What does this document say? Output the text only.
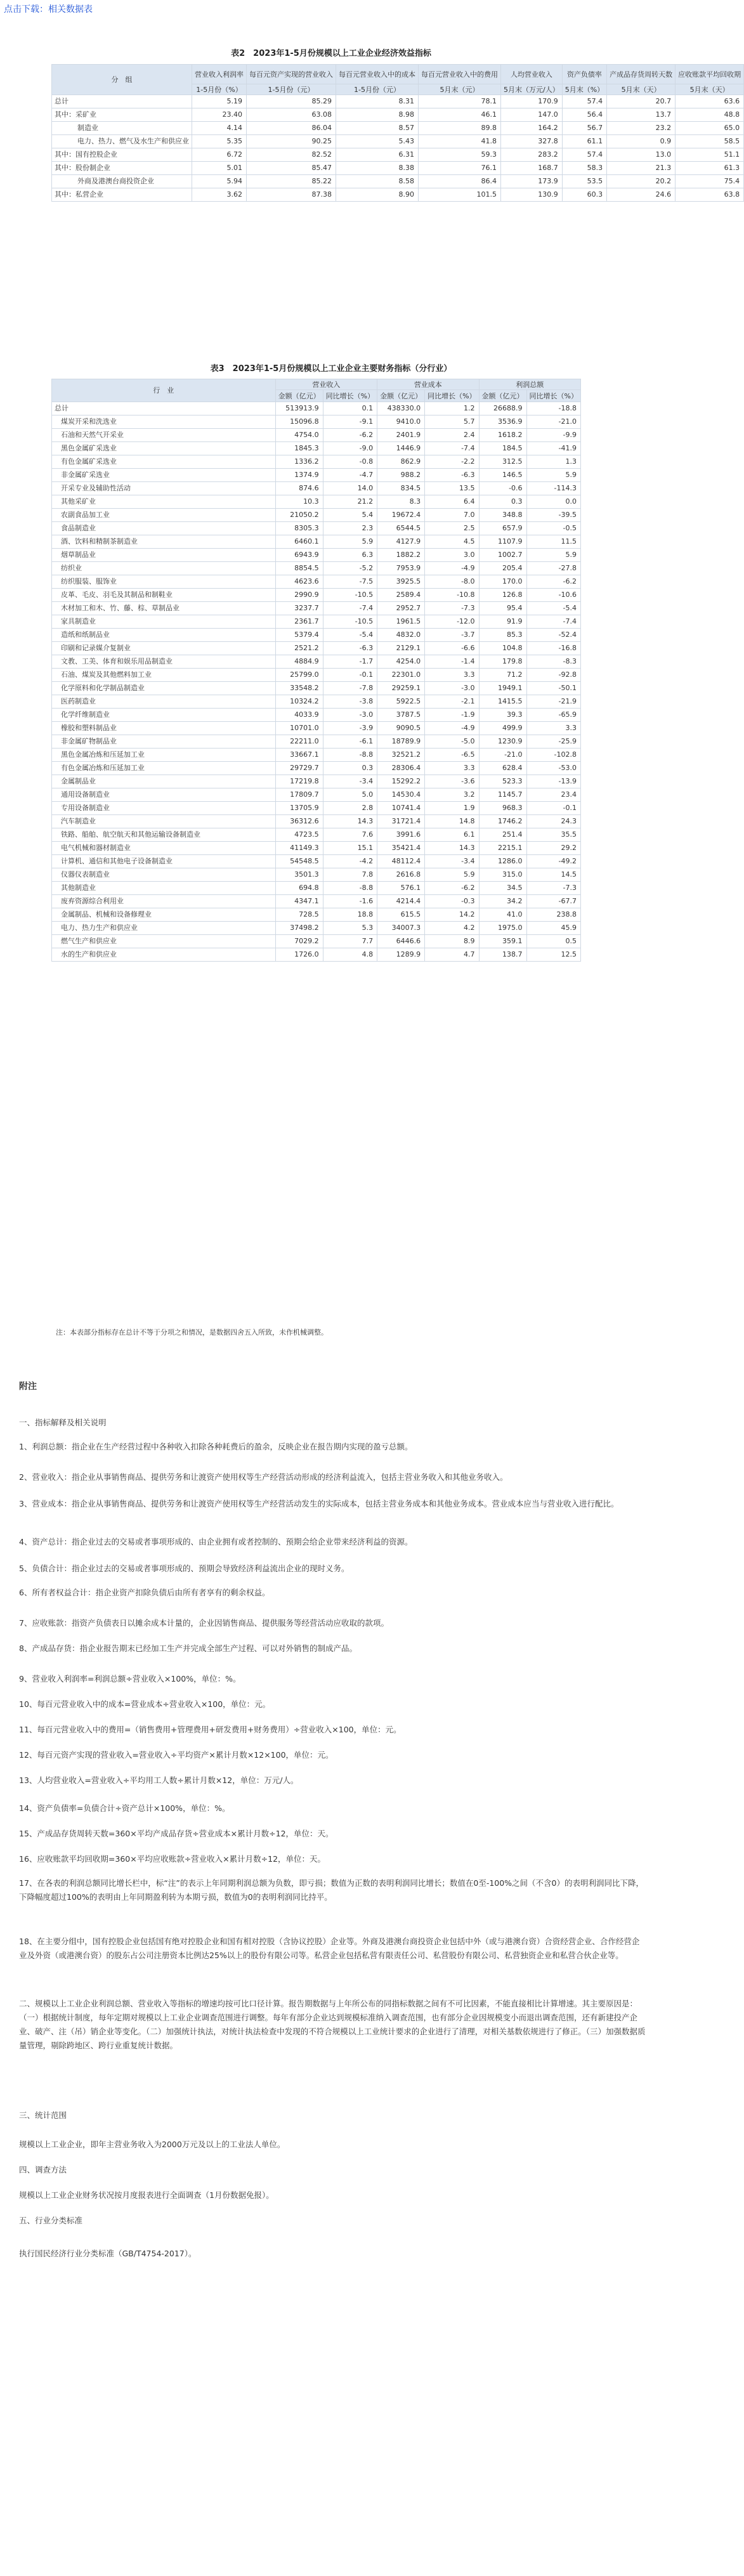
点击下载：相关数据表
表2　2023年1-5月份规模以上工业企业经济效益指标
分　组	营业收入利润率	每百元资产实现的营业收入	每百元营业收入中的成本	每百元营业收入中的费用	人均营业收入	资产负债率	产成品存货周转天数	应收账款平均回收期
	1-5月份（%）	1-5月份（元）	1-5月份（元）	5月末（元）	5月末（万元/人）	5月末（%）	5月末（天）	5月末（天）
总计	5.19	85.29	8.31	78.1	170.9	57.4	20.7	63.6
其中：采矿业	23.40	63.08	8.98	46.1	147.0	56.4	13.7	48.8
制造业	4.14	86.04	8.57	89.8	164.2	56.7	23.2	65.0
电力、热力、燃气及水生产和供应业	5.35	90.25	5.43	41.8	327.8	61.1	0.9	58.5
其中：国有控股企业	6.72	82.52	6.31	59.3	283.2	57.4	13.0	51.1
其中：股份制企业	5.01	85.47	8.38	76.1	168.7	58.3	21.3	61.3
外商及港澳台商投资企业	5.94	85.22	8.58	86.4	173.9	53.5	20.2	75.4
其中：私营企业	3.62	87.38	8.90	101.5	130.9	60.3	24.6	63.8
表3　2023年1-5月份规模以上工业企业主要财务指标（分行业）
行　业	营业收入		营业成本		利润总额	
	金额（亿元）	同比增长（%）	金额（亿元）	同比增长（%）	金额（亿元）	同比增长（%）
总计	513913.9	0.1	438330.0	1.2	26688.9	-18.8
煤炭开采和洗选业	15096.8	-9.1	9410.0	5.7	3536.9	-21.0
石油和天然气开采业	4754.0	-6.2	2401.9	2.4	1618.2	-9.9
黑色金属矿采选业	1845.3	-9.0	1446.9	-7.4	184.5	-41.9
有色金属矿采选业	1336.2	-0.8	862.9	-2.2	312.5	1.3
非金属矿采选业	1374.9	-4.7	988.2	-6.3	146.5	5.9
开采专业及辅助性活动	874.6	14.0	834.5	13.5	-0.6	-114.3
其他采矿业	10.3	21.2	8.3	6.4	0.3	0.0
农副食品加工业	21050.2	5.4	19672.4	7.0	348.8	-39.5
食品制造业	8305.3	2.3	6544.5	2.5	657.9	-0.5
酒、饮料和精制茶制造业	6460.1	5.9	4127.9	4.5	1107.9	11.5
烟草制品业	6943.9	6.3	1882.2	3.0	1002.7	5.9
纺织业	8854.5	-5.2	7953.9	-4.9	205.4	-27.8
纺织服装、服饰业	4623.6	-7.5	3925.5	-8.0	170.0	-6.2
皮革、毛皮、羽毛及其制品和制鞋业	2990.9	-10.5	2589.4	-10.8	126.8	-10.6
木材加工和木、竹、藤、棕、草制品业	3237.7	-7.4	2952.7	-7.3	95.4	-5.4
家具制造业	2361.7	-10.5	1961.5	-12.0	91.9	-7.4
造纸和纸制品业	5379.4	-5.4	4832.0	-3.7	85.3	-52.4
印刷和记录媒介复制业	2521.2	-6.3	2129.1	-6.6	104.8	-16.8
文教、工美、体育和娱乐用品制造业	4884.9	-1.7	4254.0	-1.4	179.8	-8.3
石油、煤炭及其他燃料加工业	25799.0	-0.1	22301.0	3.3	71.2	-92.8
化学原料和化学制品制造业	33548.2	-7.8	29259.1	-3.0	1949.1	-50.1
医药制造业	10324.2	-3.8	5922.5	-2.1	1415.5	-21.9
化学纤维制造业	4033.9	-3.0	3787.5	-1.9	39.3	-65.9
橡胶和塑料制品业	10701.0	-3.9	9090.5	-4.9	499.9	3.3
非金属矿物制品业	22211.0	-6.1	18789.9	-5.0	1230.9	-25.9
黑色金属冶炼和压延加工业	33667.1	-8.8	32521.2	-6.5	-21.0	-102.8
有色金属冶炼和压延加工业	29729.7	0.3	28306.4	3.3	628.4	-53.0
金属制品业	17219.8	-3.4	15292.2	-3.6	523.3	-13.9
通用设备制造业	17809.7	5.0	14530.4	3.2	1145.7	23.4
专用设备制造业	13705.9	2.8	10741.4	1.9	968.3	-0.1
汽车制造业	36312.6	14.3	31721.4	14.8	1746.2	24.3
铁路、船舶、航空航天和其他运输设备制造业	4723.5	7.6	3991.6	6.1	251.4	35.5
电气机械和器材制造业	41149.3	15.1	35421.4	14.3	2215.1	29.2
计算机、通信和其他电子设备制造业	54548.5	-4.2	48112.4	-3.4	1286.0	-49.2
仪器仪表制造业	3501.3	7.8	2616.8	5.9	315.0	14.5
其他制造业	694.8	-8.8	576.1	-6.2	34.5	-7.3
废弃资源综合利用业	4347.1	-1.6	4214.4	-0.3	34.2	-67.7
金属制品、机械和设备修理业	728.5	18.8	615.5	14.2	41.0	238.8
电力、热力生产和供应业	37498.2	5.3	34007.3	4.2	1975.0	45.9
燃气生产和供应业	7029.2	7.7	6446.6	8.9	359.1	0.5
水的生产和供应业	1726.0	4.8	1289.9	4.7	138.7	12.5
注：本表部分指标存在总计不等于分项之和情况，是数据四舍五入所致，未作机械调整。
附注
一、指标解释及相关说明
1、利润总额：指企业在生产经营过程中各种收入扣除各种耗费后的盈余，反映企业在报告期内实现的盈亏总额。
2、营业收入：指企业从事销售商品、提供劳务和让渡资产使用权等生产经营活动形成的经济利益流入，包括主营业务收入和其他业务收入。
3、营业成本：指企业从事销售商品、提供劳务和让渡资产使用权等生产经营活动发生的实际成本，包括主营业务成本和其他业务成本。营业成本应当与营业收入进行配比。
4、资产总计：指企业过去的交易或者事项形成的、由企业拥有或者控制的、预期会给企业带来经济利益的资源。
5、负债合计：指企业过去的交易或者事项形成的、预期会导致经济利益流出企业的现时义务。
6、所有者权益合计：指企业资产扣除负债后由所有者享有的剩余权益。
7、应收账款：指资产负债表日以摊余成本计量的，企业因销售商品、提供服务等经营活动应收取的款项。
8、产成品存货：指企业报告期末已经加工生产并完成全部生产过程、可以对外销售的制成产品。
9、营业收入利润率=利润总额÷营业收入×100%，单位：%。
10、每百元营业收入中的成本=营业成本÷营业收入×100，单位：元。
11、每百元营业收入中的费用=（销售费用+管理费用+研发费用+财务费用）÷营业收入×100，单位：元。
12、每百元资产实现的营业收入=营业收入÷平均资产×累计月数×12×100，单位：元。
13、人均营业收入=营业收入÷平均用工人数÷累计月数×12，单位：万元/人。
14、资产负债率=负债合计÷资产总计×100%，单位：%。
15、产成品存货周转天数=360×平均产成品存货÷营业成本×累计月数÷12，单位：天。
16、应收账款平均回收期=360×平均应收账款÷营业收入×累计月数÷12，单位：天。
17、在各表的利润总额同比增长栏中，标“注”的表示上年同期利润总额为负数，即亏损；数值为正数的表明利润同比增长；数值在0至-100%之间（不含0）的表明利润同比下降，下降幅度超过100%的表明由上年同期盈利转为本期亏损，数值为0的表明利润同比持平。
18、在主要分组中，国有控股企业包括国有绝对控股企业和国有相对控股（含协议控股）企业等。外商及港澳台商投资企业包括中外（或与港澳台资）合资经营企业、合作经营企业及外资（或港澳台资）的股东占公司注册资本比例达25%以上的股份有限公司等。私营企业包括私营有限责任公司、私营股份有限公司、私营独资企业和私营合伙企业等。
二、规模以上工业企业利润总额、营业收入等指标的增速均按可比口径计算。报告期数据与上年所公布的同指标数据之间有不可比因素，不能直接相比计算增速。其主要原因是：（一）根据统计制度，每年定期对规模以上工业企业调查范围进行调整。每年有部分企业达到规模标准纳入调查范围，也有部分企业因规模变小而退出调查范围，还有新建投产企业、破产、注（吊）销企业等变化。（二）加强统计执法，对统计执法检查中发现的不符合规模以上工业统计要求的企业进行了清理，对相关基数依规进行了修正。（三）加强数据质量管理，剔除跨地区、跨行业重复统计数据。
三、统计范围
规模以上工业企业，即年主营业务收入为2000万元及以上的工业法人单位。
四、调查方法
规模以上工业企业财务状况按月度报表进行全面调查（1月份数据免报）。
五、行业分类标准
执行国民经济行业分类标准（GB/T4754-2017）。
